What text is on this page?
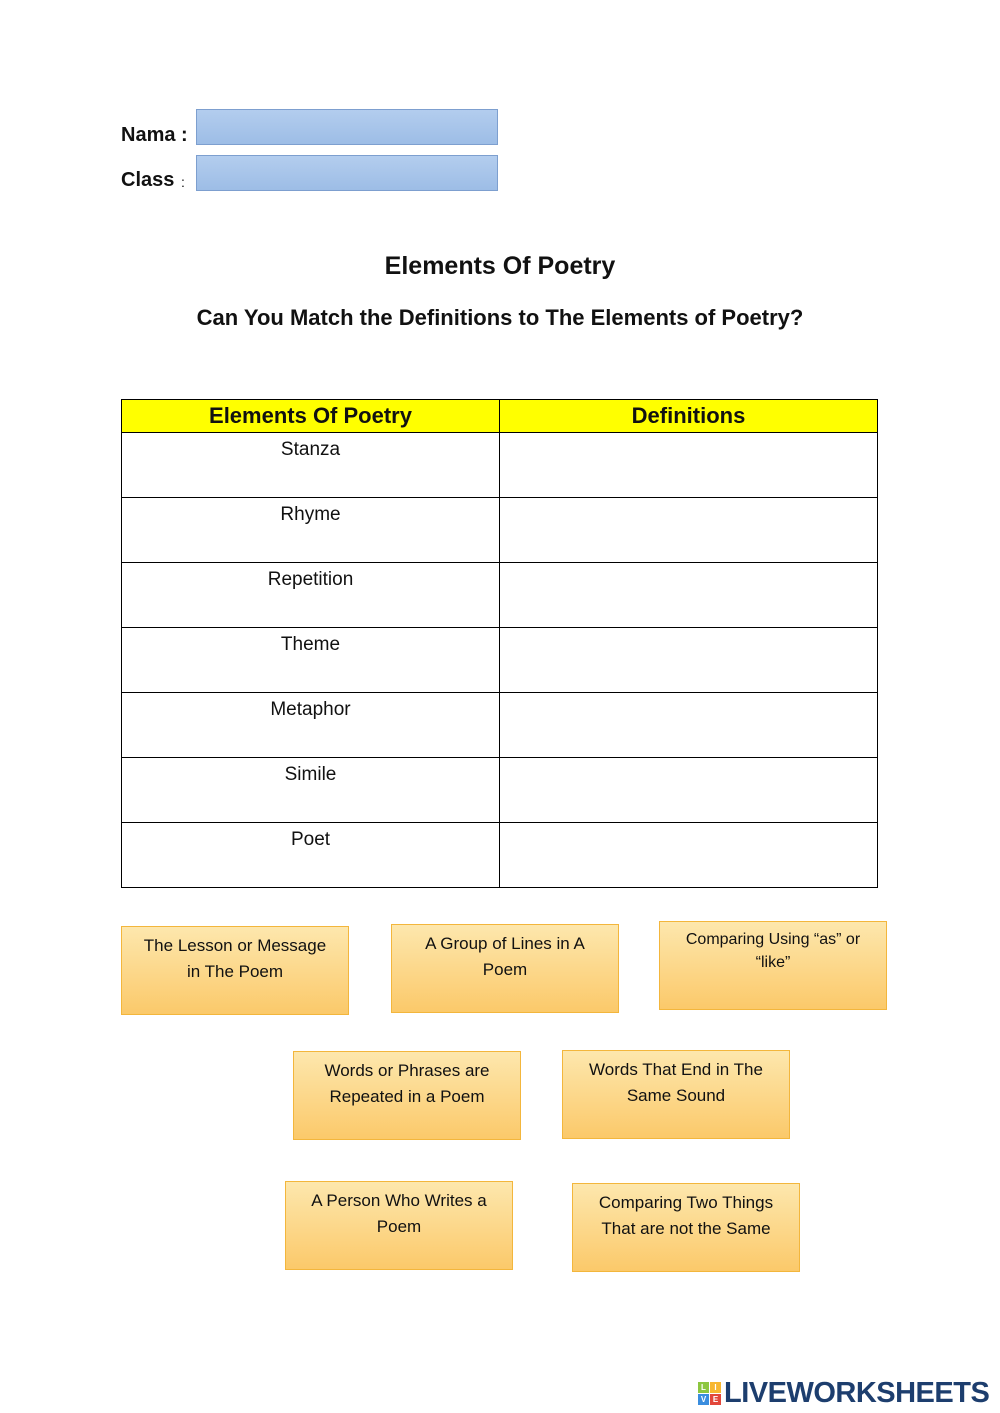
Nama :
Class :
Elements Of Poetry
Can You Match the Definitions to The Elements of Poetry?
Elements Of Poetry	Definitions
Stanza	
Rhyme	
Repetition	
Theme	
Metaphor	
Simile	
Poet	
The Lesson or Message in The Poem
A Group of Lines in A Poem
Comparing Using “as” or “like”
Words or Phrases are Repeated in a Poem
Words That End in The Same Sound
A Person Who Writes a Poem
Comparing Two Things That are not the Same
L	I
V E LIVEWORKSHEETS
